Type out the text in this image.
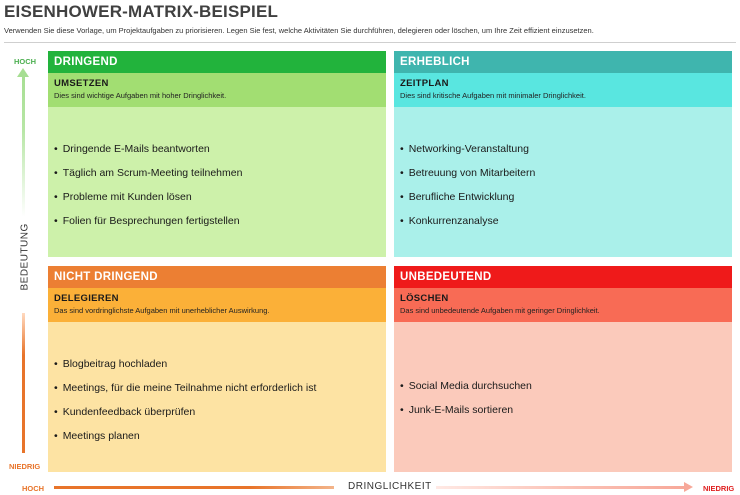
EISENHOWER-MATRIX-BEISPIEL
Verwenden Sie diese Vorlage, um Projektaufgaben zu priorisieren. Legen Sie fest, welche Aktivitäten Sie durchführen, delegieren oder löschen, um Ihre Zeit effizient einzusetzen.
HOCH
BEDEUTUNG
NIEDRIG
HOCH	DRINGLICHKEIT	NIEDRIG
DRINGEND
UMSETZEN
Dies sind wichtige Aufgaben mit hoher Dringlichkeit.
• Dringende E-Mails beantworten
• Täglich am Scrum-Meeting teilnehmen
• Probleme mit Kunden lösen
• Folien für Besprechungen fertigstellen
ERHEBLICH
ZEITPLAN
Dies sind kritische Aufgaben mit minimaler Dringlichkeit.
• Networking-Veranstaltung
• Betreuung von Mitarbeitern
• Berufliche Entwicklung
• Konkurrenzanalyse
NICHT DRINGEND
DELEGIEREN
Das sind vordringlichste Aufgaben mit unerheblicher Auswirkung.
• Blogbeitrag hochladen
• Meetings, für die meine Teilnahme nicht erforderlich ist
• Kundenfeedback überprüfen
• Meetings planen
UNBEDEUTEND
LÖSCHEN
Das sind unbedeutende Aufgaben mit geringer Dringlichkeit.
• Social Media durchsuchen
• Junk-E-Mails sortieren
